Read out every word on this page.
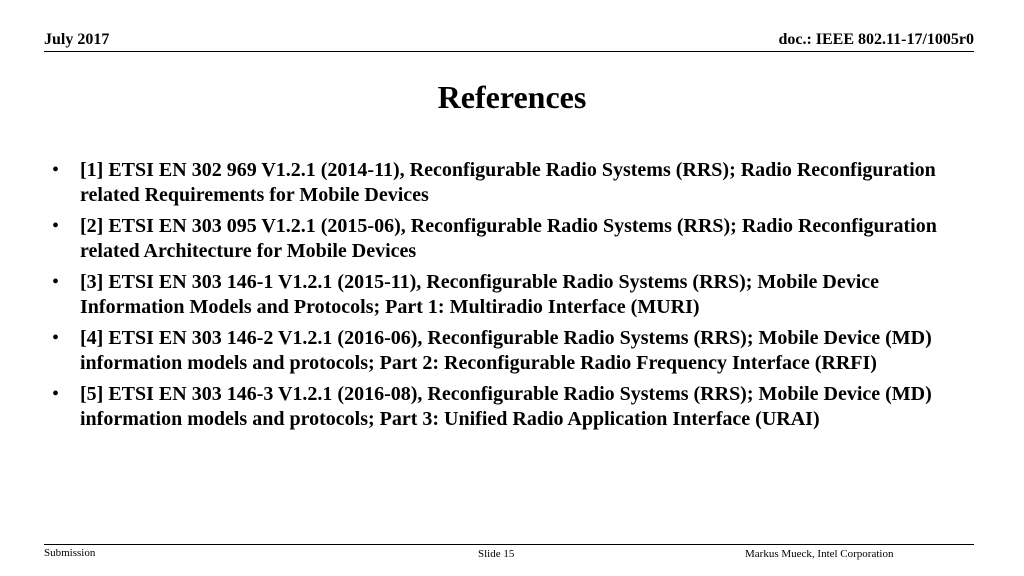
July 2017	doc.: IEEE 802.11-17/1005r0
References
• [1] ETSI EN 302 969 V1.2.1 (2014-11), Reconfigurable Radio Systems (RRS); Radio Reconfiguration related Requirements for Mobile Devices
• [2] ETSI EN 303 095 V1.2.1 (2015-06), Reconfigurable Radio Systems (RRS); Radio Reconfiguration related Architecture for Mobile Devices
• [3] ETSI EN 303 146-1 V1.2.1 (2015-11), Reconfigurable Radio Systems (RRS); Mobile Device Information Models and Protocols; Part 1: Multiradio Interface (MURI)
• [4] ETSI EN 303 146-2 V1.2.1 (2016-06), Reconfigurable Radio Systems (RRS); Mobile Device (MD) information models and protocols; Part 2: Reconfigurable Radio Frequency Interface (RRFI)
• [5] ETSI EN 303 146-3 V1.2.1 (2016-08), Reconfigurable Radio Systems (RRS); Mobile Device (MD) information models and protocols; Part 3: Unified Radio Application Interface (URAI)
Submission	Slide 15	Markus Mueck, Intel Corporation
